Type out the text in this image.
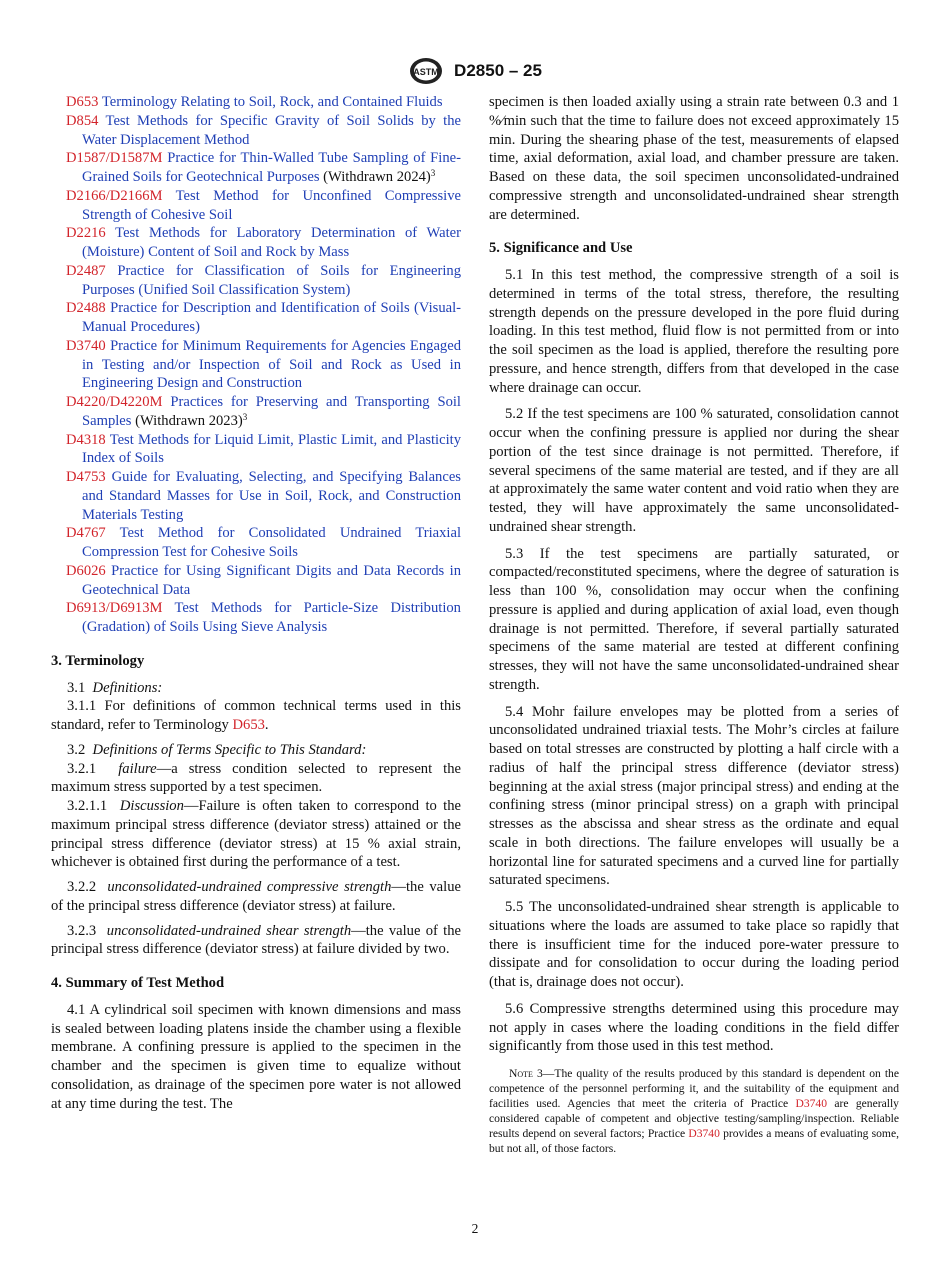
ASTM D2850 – 25

D653 Terminology Relating to Soil, Rock, and Contained Fluids

D854 Test Methods for Specific Gravity of Soil Solids by the Water Displacement Method

D1587/D1587M Practice for Thin-Walled Tube Sampling of Fine-Grained Soils for Geotechnical Purposes (Withdrawn 2024)$^3$

D2166/D2166M Test Method for Unconfined Compressive Strength of Cohesive Soil

D2216 Test Methods for Laboratory Determination of Water (Moisture) Content of Soil and Rock by Mass

D2487 Practice for Classification of Soils for Engineering Purposes (Unified Soil Classification System)

D2488 Practice for Description and Identification of Soils (Visual-Manual Procedures)

D3740 Practice for Minimum Requirements for Agencies Engaged in Testing and/or Inspection of Soil and Rock as Used in Engineering Design and Construction

D4220/D4220M Practices for Preserving and Transporting Soil Samples (Withdrawn 2023)$^3$

D4318 Test Methods for Liquid Limit, Plastic Limit, and Plasticity Index of Soils

D4753 Guide for Evaluating, Selecting, and Specifying Balances and Standard Masses for Use in Soil, Rock, and Construction Materials Testing

D4767 Test Method for Consolidated Undrained Triaxial Compression Test for Cohesive Soils

D6026 Practice for Using Significant Digits and Data Records in Geotechnical Data

D6913/D6913M Test Methods for Particle-Size Distribution (Gradation) of Soils Using Sieve Analysis

3. Terminology

3.1 Definitions:

3.1.1 For definitions of common technical terms used in this standard, refer to Terminology D653.

3.2 Definitions of Terms Specific to This Standard:

3.2.1 failure—a stress condition selected to represent the maximum stress supported by a test specimen.

3.2.1.1 Discussion—Failure is often taken to correspond to the maximum principal stress difference (deviator stress) attained or the principal stress difference (deviator stress) at 15 % axial strain, whichever is obtained first during the performance of a test.

3.2.2 unconsolidated-undrained compressive strength—the value of the principal stress difference (deviator stress) at failure.

3.2.3 unconsolidated-undrained shear strength—the value of the principal stress difference (deviator stress) at failure divided by two.

4. Summary of Test Method

4.1 A cylindrical soil specimen with known dimensions and mass is sealed between loading platens inside the chamber using a flexible membrane. A confining pressure is applied to the specimen in the chamber and the specimen is given time to equalize without consolidation, as drainage of the specimen pore water is not allowed at any time during the test. The

specimen is then loaded axially using a strain rate between 0.3 and 1 %⁄min such that the time to failure does not exceed approximately 15 min. During the shearing phase of the test, measurements of elapsed time, axial deformation, axial load, and chamber pressure are taken. Based on these data, the soil specimen unconsolidated-undrained compressive strength and unconsolidated-undrained shear strength are determined.

5. Significance and Use

5.1 In this test method, the compressive strength of a soil is determined in terms of the total stress, therefore, the resulting strength depends on the pressure developed in the pore fluid during loading. In this test method, fluid flow is not permitted from or into the soil specimen as the load is applied, therefore the resulting pore pressure, and hence strength, differs from that developed in the case where drainage can occur.

5.2 If the test specimens are 100 % saturated, consolidation cannot occur when the confining pressure is applied nor during the shear portion of the test since drainage is not permitted. Therefore, if several specimens of the same material are tested, and if they are all at approximately the same water content and void ratio when they are tested, they will have approximately the same unconsolidated-undrained shear strength.

5.3 If the test specimens are partially saturated, or compacted/reconstituted specimens, where the degree of saturation is less than 100 %, consolidation may occur when the confining pressure is applied and during application of axial load, even though drainage is not permitted. Therefore, if several partially saturated specimens of the same material are tested at different confining stresses, they will not have the same unconsolidated-undrained shear strength.

5.4 Mohr failure envelopes may be plotted from a series of unconsolidated undrained triaxial tests. The Mohr’s circles at failure based on total stresses are constructed by plotting a half circle with a radius of half the principal stress difference (deviator stress) beginning at the axial stress (major principal stress) and ending at the confining stress (minor principal stress) on a graph with principal stresses as the abscissa and shear stress as the ordinate and equal scale in both directions. The failure envelopes will usually be a horizontal line for saturated specimens and a curved line for partially saturated specimens.

5.5 The unconsolidated-undrained shear strength is applicable to situations where the loads are assumed to take place so rapidly that there is insufficient time for the induced pore-water pressure to dissipate and for consolidation to occur during the loading period (that is, drainage does not occur).

5.6 Compressive strengths determined using this procedure may not apply in cases where the loading conditions in the field differ significantly from those used in this test method.

Note 3—The quality of the results produced by this standard is dependent on the competence of the personnel performing it, and the suitability of the equipment and facilities used. Agencies that meet the criteria of Practice D3740 are generally considered capable of competent and objective testing/sampling/inspection. Reliable results depend on several factors; Practice D3740 provides a means of evaluating some, but not all, of those factors.

2
